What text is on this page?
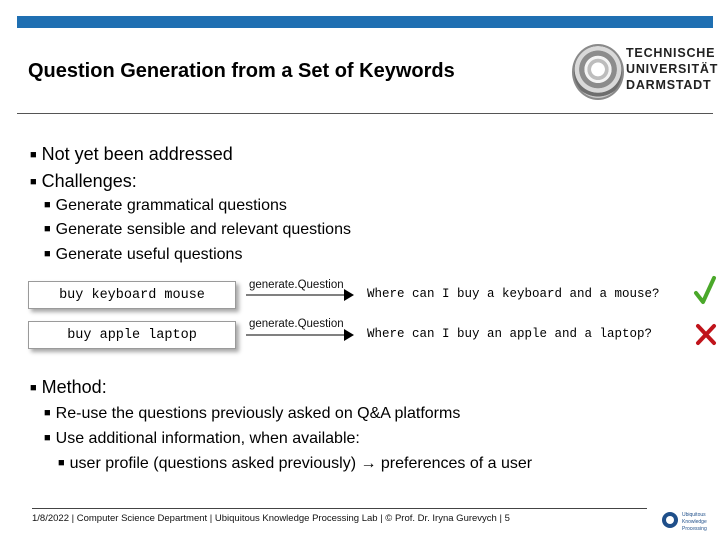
Question Generation from a Set of Keywords
TECHNISCHE
UNIVERSITÄT
DARMSTADT
■ Not yet been addressed
■ Challenges:
■ Generate grammatical questions
■ Generate sensible and relevant questions
■ Generate useful questions
buy keyboard mouse
generate.Question
Where can I buy a keyboard and a mouse?
buy apple laptop
generate.Question
Where can I buy an apple and a laptop?
■ Method:
■ Re-use the questions previously asked on Q&A platforms
■ Use additional information, when available:
■ user profile (questions asked previously) → preferences of a user
1/8/2022 | Computer Science Department | Ubiquitous Knowledge Processing Lab | © Prof. Dr. Iryna Gurevych | 5	Ubiquitous
Knowledge
Processing
